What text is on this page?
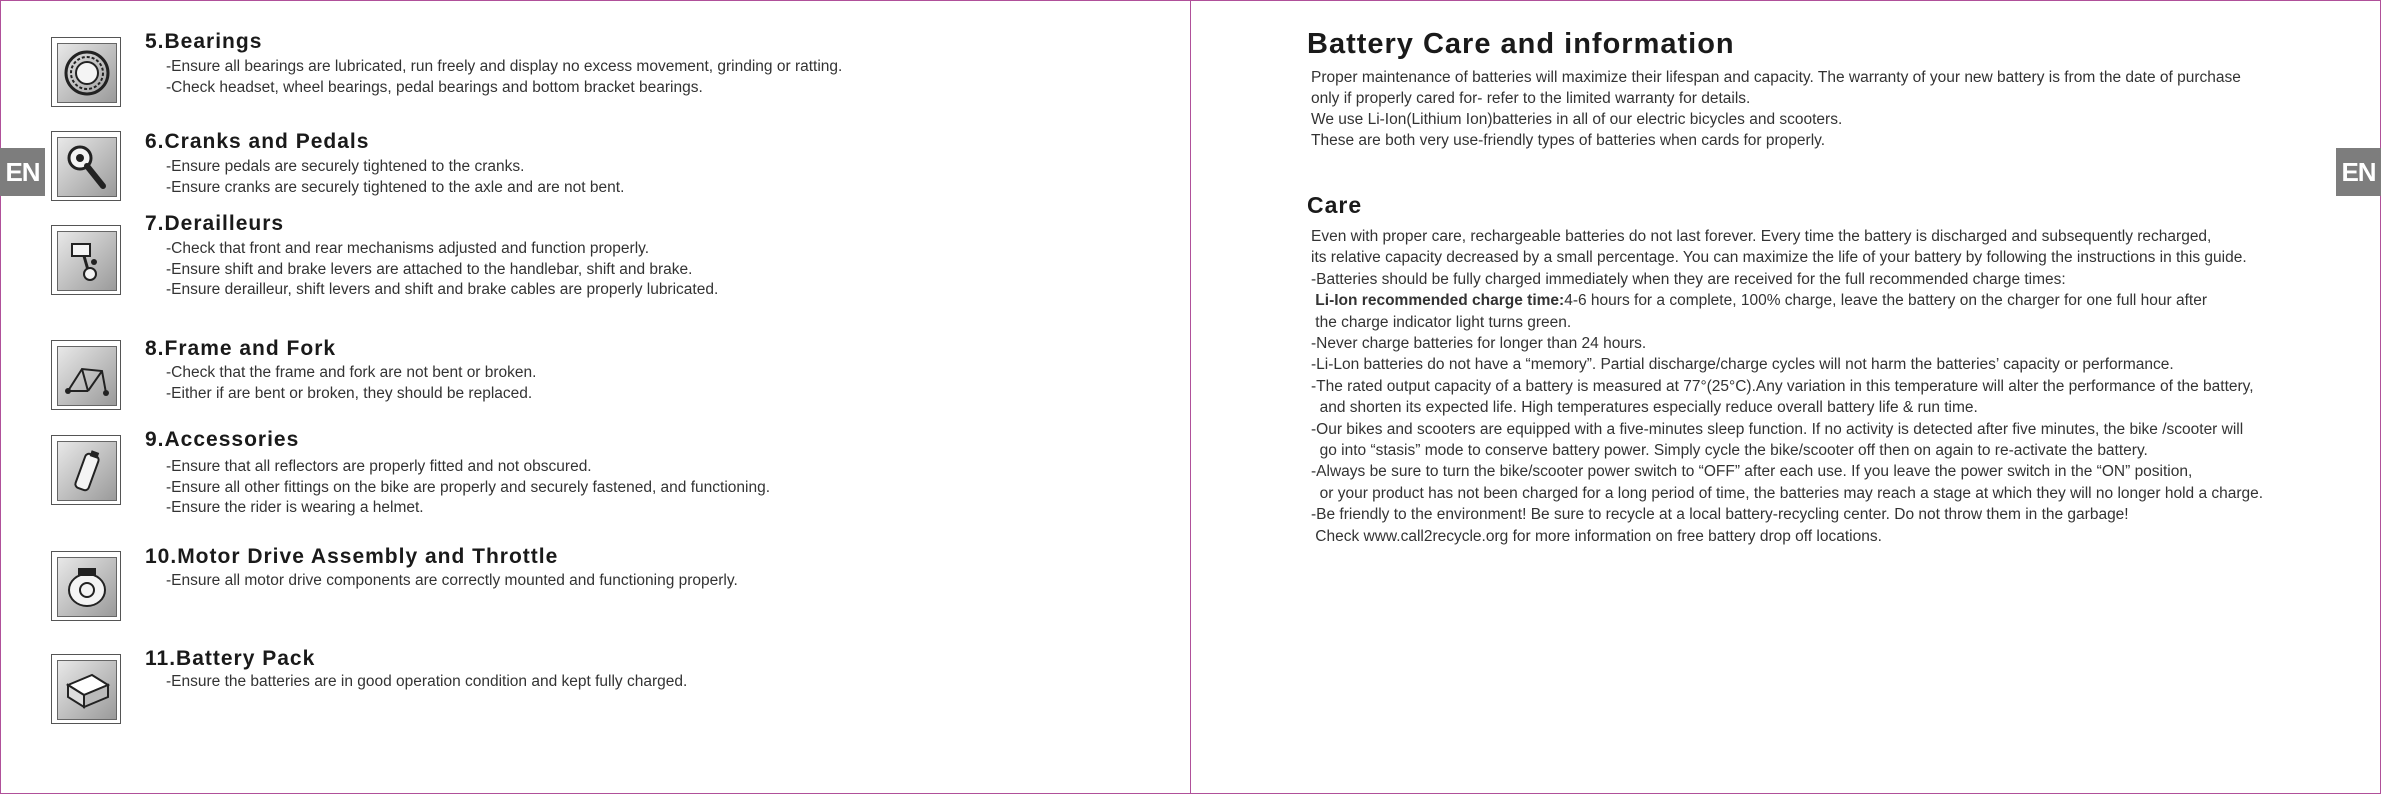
EN	EN
5.Bearings
-Ensure all bearings are lubricated, run freely and display no excess movement, grinding or ratting.
-Check headset, wheel bearings, pedal bearings and bottom bracket bearings.
6.Cranks and Pedals
-Ensure pedals are securely tightened to the cranks.
-Ensure cranks are securely tightened to the axle and are not bent.
7.Derailleurs
-Check that front and rear mechanisms adjusted and function properly.
-Ensure shift and brake levers are attached to the handlebar, shift and brake.
-Ensure derailleur, shift levers and shift and brake cables are properly lubricated.
8.Frame and Fork
-Check that the frame and fork are not bent or broken.
-Either if are bent or broken, they should be replaced.
9.Accessories
-Ensure that all reflectors are properly fitted and not obscured.
-Ensure all other fittings on the bike are properly and securely fastened, and functioning.
-Ensure the rider is wearing a helmet.
10.Motor Drive Assembly and Throttle
-Ensure all motor drive components are correctly mounted and functioning properly.
11.Battery Pack
-Ensure the batteries are in good operation condition and kept fully charged.
Battery Care and information
Proper maintenance of batteries will maximize their lifespan and capacity. The warranty of your new battery is from the date of purchase
only if properly cared for- refer to the limited warranty for details.
We use Li-Ion(Lithium Ion)batteries in all of our electric bicycles and scooters.
These are both very use-friendly types of batteries when cards for properly.
Care
Even with proper care, rechargeable batteries do not last forever. Every time the battery is discharged and subsequently recharged,
its relative capacity decreased by a small percentage. You can maximize the life of your battery by following the instructions in this guide.
-Batteries should be fully charged immediately when they are received for the full recommended charge times:
Li-Ion recommended charge time:4-6 hours for a complete, 100% charge, leave the battery on the charger for one full hour after
the charge indicator light turns green.
-Never charge batteries for longer than 24 hours.
-Li-Lon batteries do not have a “memory”. Partial discharge/charge cycles will not harm the batteries’ capacity or performance.
-The rated output capacity of a battery is measured at 77°(25°C).Any variation in this temperature will alter the performance of the battery,
and shorten its expected life. High temperatures especially reduce overall battery life & run time.
-Our bikes and scooters are equipped with a five-minutes sleep function. If no activity is detected after five minutes, the bike /scooter will
go into “stasis” mode to conserve battery power. Simply cycle the bike/scooter off then on again to re-activate the battery.
-Always be sure to turn the bike/scooter power switch to “OFF” after each use. If you leave the power switch in the “ON” position,
or your product has not been charged for a long period of time, the batteries may reach a stage at which they will no longer hold a charge.
-Be friendly to the environment! Be sure to recycle at a local battery-recycling center. Do not throw them in the garbage!
Check www.call2recycle.org for more information on free battery drop off locations.
